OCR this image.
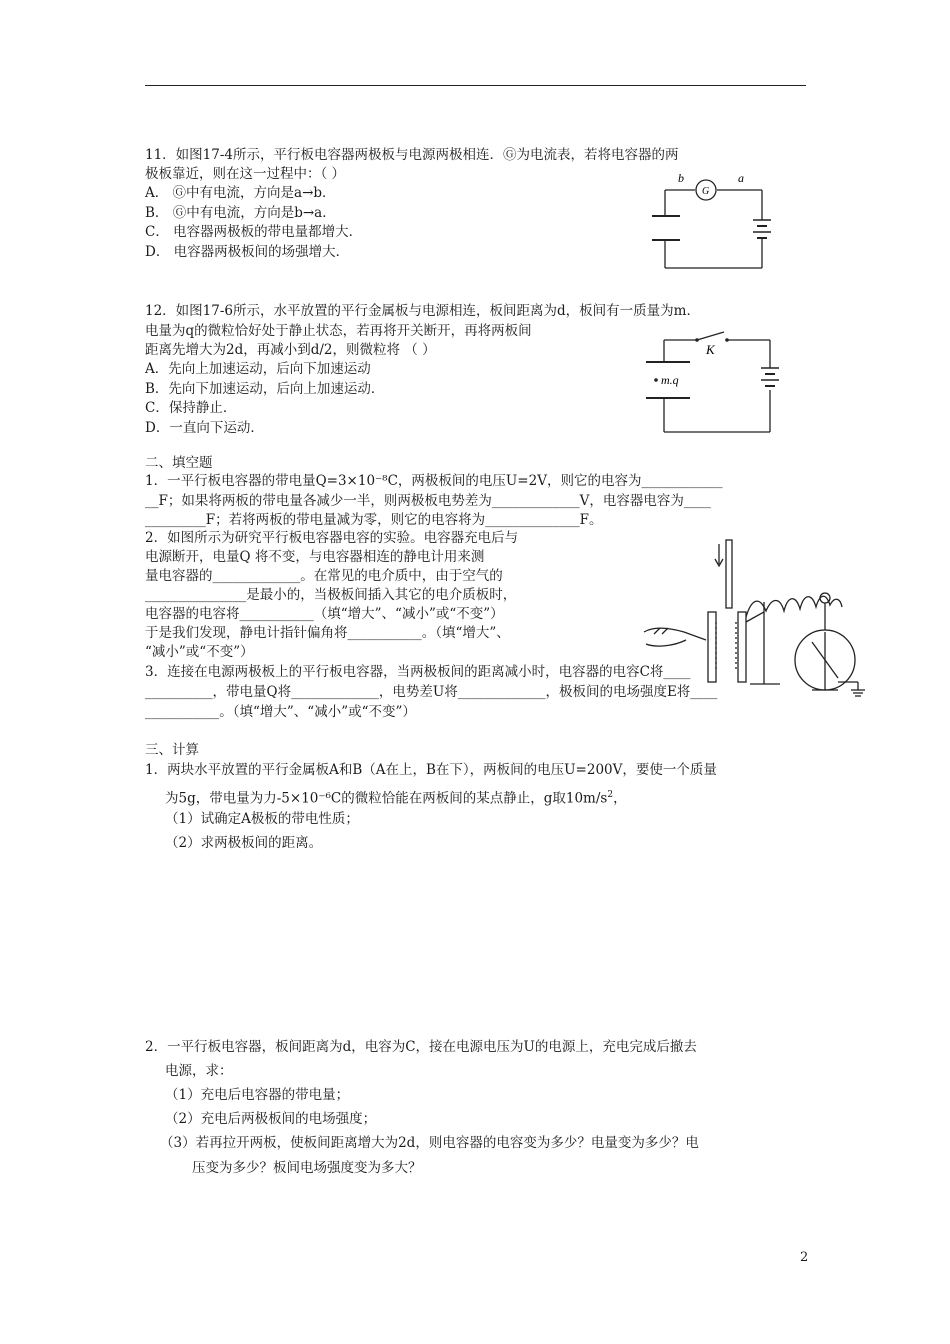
11．如图17-4所示，平行板电容器两极板与电源两极相连．Ⓖ为电流表，若将电容器的两
极板靠近，则在这一过程中：（ ）
A． Ⓖ中有电流，方向是a→b．
B． Ⓖ中有电流，方向是b→a．
C． 电容器两极板的带电量都增大．
D． 电容器两极板间的场强增大．
b
G
a
12．如图17-6所示，水平放置的平行金属板与电源相连，板间距离为d，板间有一质量为m．
电量为q的微粒恰好处于静止状态，若再将开关断开，再将两板间
距离先增大为2d，再减小到d/2，则微粒将 （ ）
A．先向上加速运动，后向下加速运动
B．先向下加速运动，后向上加速运动．
C．保持静止．
D．一直向下运动．
K
m.q
二、填空题
1．一平行板电容器的带电量Q=3×10⁻⁸C，两极板间的电压U=2V，则它的电容为____________
__F；如果将两板的带电量各减少一半，则两极板电势差为_____________V，电容器电容为____
_________F；若将两板的带电量减为零，则它的电容将为______________F。
2．如图所示为研究平行板电容器电容的实验。电容器充电后与
电源断开，电量Q 将不变，与电容器相连的静电计用来测
量电容器的_____________。在常见的电介质中，由于空气的
_______________是最小的，当极板间插入其它的电介质板时，
电容器的电容将___________（填“增大”、“减小”或“不变”）
于是我们发现，静电计指针偏角将___________。（填“增大”、
“减小”或“不变”）
3．连接在电源两极板上的平行板电容器，当两极板间的距离减小时，电容器的电容C将____
__________，带电量Q将_____________，电势差U将_____________，极板间的电场强度E将____
___________。（填“增大”、“减小”或“不变”）
三、计算
1．两块水平放置的平行金属板A和B（A在上，B在下），两板间的电压U=200V，要使一个质量
为5g，带电量为力-5×10⁻⁶C的微粒恰能在两板间的某点静止，g取$10m/s^2$，
（1）试确定A极板的带电性质；
（2）求两极板间的距离。
2．一平行板电容器，板间距离为d，电容为C，接在电源电压为U的电源上，充电完成后撤去
电源，求：
（1）充电后电容器的带电量；
（2）充电后两极板间的电场强度；
（3）若再拉开两板，使板间距离增大为2d，则电容器的电容变为多少？电量变为多少？电
压变为多少？板间电场强度变为多大？
2
